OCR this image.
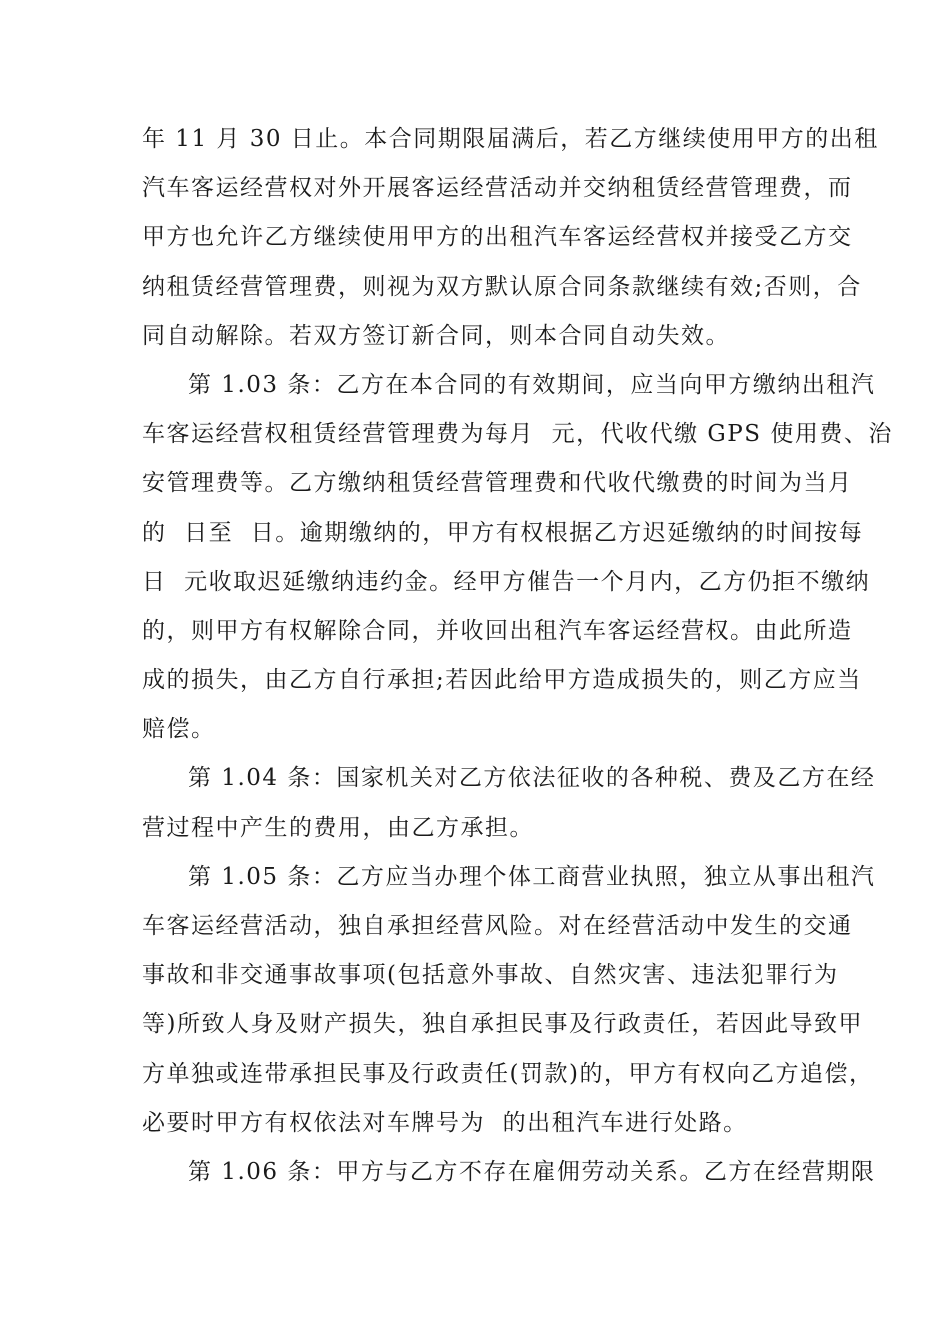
年 11 月 30 日止。本合同期限届满后，若乙方继续使用甲方的出租
汽车客运经营权对外开展客运经营活动并交纳租赁经营管理费，而
甲方也允许乙方继续使用甲方的出租汽车客运经营权并接受乙方交
纳租赁经营管理费，则视为双方默认原合同条款继续有效;否则，合
同自动解除。若双方签订新合同，则本合同自动失效。
第 1.03 条：乙方在本合同的有效期间，应当向甲方缴纳出租汽
车客运经营权租赁经营管理费为每月  元，代收代缴 GPS 使用费、治
安管理费等。乙方缴纳租赁经营管理费和代收代缴费的时间为当月
的  日至  日。逾期缴纳的，甲方有权根据乙方迟延缴纳的时间按每
日  元收取迟延缴纳违约金。经甲方催告一个月内，乙方仍拒不缴纳
的，则甲方有权解除合同，并收回出租汽车客运经营权。由此所造
成的损失，由乙方自行承担;若因此给甲方造成损失的，则乙方应当
赔偿。
第 1.04 条：国家机关对乙方依法征收的各种税、费及乙方在经
营过程中产生的费用，由乙方承担。
第 1.05 条：乙方应当办理个体工商营业执照，独立从事出租汽
车客运经营活动，独自承担经营风险。对在经营活动中发生的交通
事故和非交通事故事项(包括意外事故、自然灾害、违法犯罪行为
等)所致人身及财产损失，独自承担民事及行政责任，若因此导致甲
方单独或连带承担民事及行政责任(罚款)的，甲方有权向乙方追偿，
必要时甲方有权依法对车牌号为  的出租汽车进行处路。
第 1.06 条：甲方与乙方不存在雇佣劳动关系。乙方在经营期限
